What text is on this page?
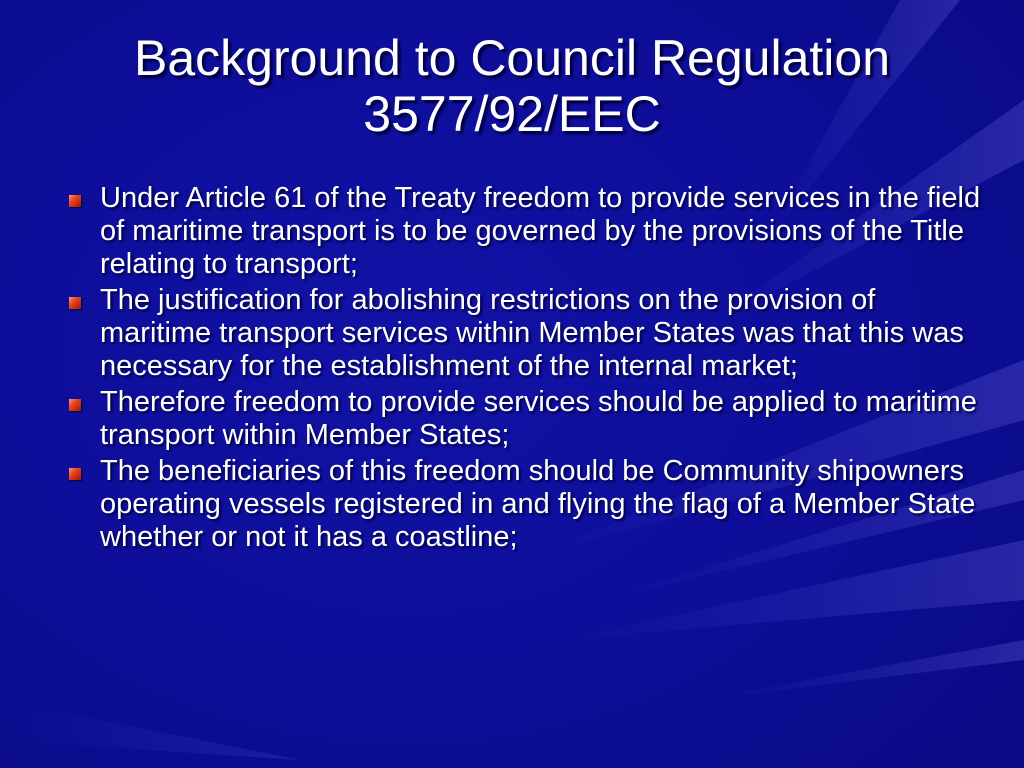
Background to Council Regulation
3577/92/EEC
Under Article 61 of the Treaty freedom to provide services in the field of maritime transport is to be governed by the provisions of the Title relating to transport;
The justification for abolishing restrictions on the provision of maritime transport services within Member States was that this was necessary for the establishment of the internal market;
Therefore freedom to provide services should be applied to maritime transport within Member States;
The beneficiaries of this freedom should be Community shipowners operating vessels registered in and flying the flag of a Member State whether or not it has a coastline;
